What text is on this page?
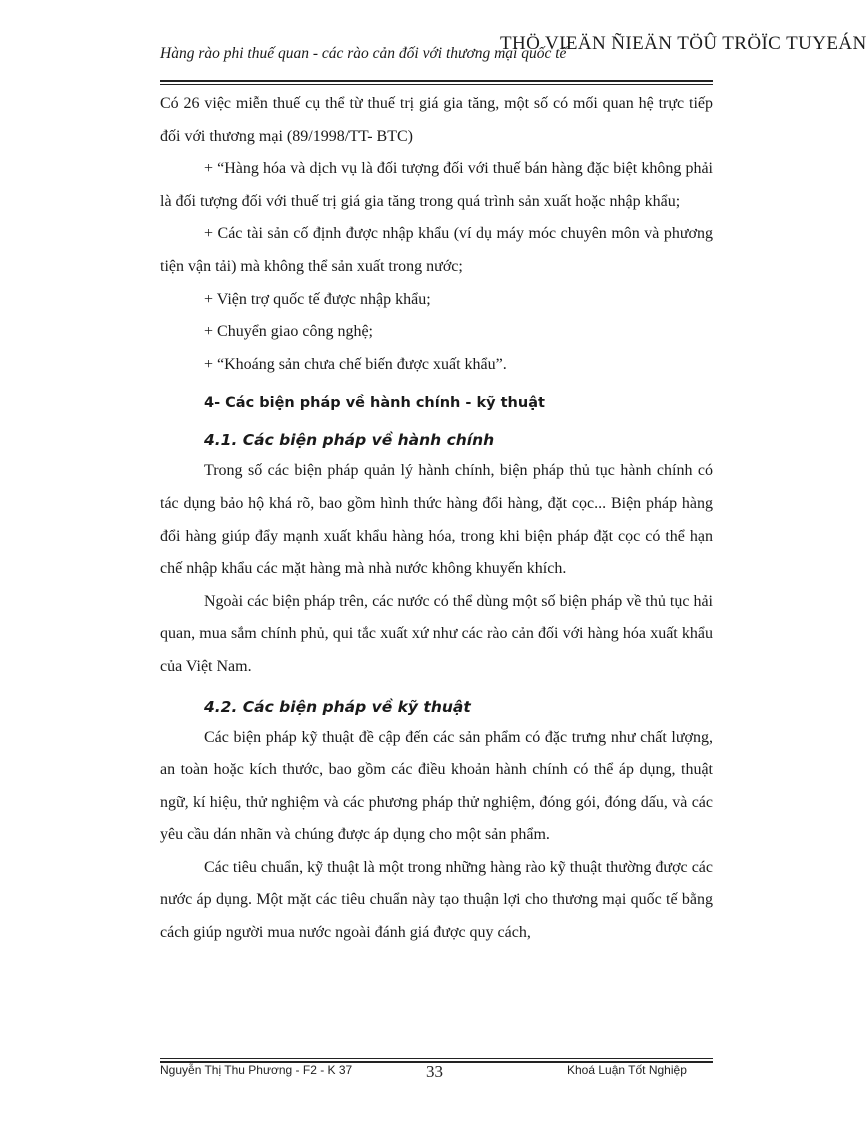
Hàng rào phi thuế quan - các rào cản đối với thương mại quốc tế
THÖ VIEÄN ÑIEÄN TÖÛ TRÖÏC TUYEÁN

Có 26 việc miễn thuế cụ thể từ thuế trị giá gia tăng, một số có mối quan hệ trực tiếp đối với thương mại (89/1998/TT- BTC)

+ “Hàng hóa và dịch vụ là đối tượng đối với thuế bán hàng đặc biệt không phải là đối tượng đối với thuế trị giá gia tăng trong quá trình sản xuất hoặc nhập khẩu;

+ Các tài sản cố định được nhập khẩu (ví dụ máy móc chuyên môn và phương tiện vận tải) mà không thể sản xuất trong nước;

+ Viện trợ quốc tế được nhập khẩu;

+ Chuyển giao công nghệ;

+ “Khoáng sản chưa chế biến được xuất khẩu”.

4- Các biện pháp về hành chính - kỹ thuật
4.1. Các biện pháp về hành chính

Trong số các biện pháp quản lý hành chính, biện pháp thủ tục hành chính có tác dụng bảo hộ khá rõ, bao gồm hình thức hàng đổi hàng, đặt cọc... Biện pháp hàng đổi hàng giúp đẩy mạnh xuất khẩu hàng hóa, trong khi biện pháp đặt cọc có thể hạn chế nhập khẩu các mặt hàng mà nhà nước không khuyến khích.

Ngoài các biện pháp trên, các nước có thể dùng một số biện pháp về thủ tục hải quan, mua sắm chính phủ, qui tắc xuất xứ như các rào cản đối với hàng hóa xuất khẩu của Việt Nam.

4.2. Các biện pháp về kỹ thuật

Các biện pháp kỹ thuật đề cập đến các sản phẩm có đặc trưng như chất lượng, an toàn hoặc kích thước, bao gồm các điều khoản hành chính có thể áp dụng, thuật ngữ, kí hiệu, thử nghiệm và các phương pháp thử nghiệm, đóng gói, đóng dấu, và các yêu cầu dán nhãn và chúng được áp dụng cho một sản phẩm.

Các tiêu chuẩn, kỹ thuật là một trong những hàng rào kỹ thuật thường được các nước áp dụng. Một mặt các tiêu chuẩn này tạo thuận lợi cho thương mại quốc tế bằng cách giúp người mua nước ngoài đánh giá được quy cách,

Nguyễn Thị Thu Phương - F2 - K 37	33	Khoá Luận Tốt Nghiệp
